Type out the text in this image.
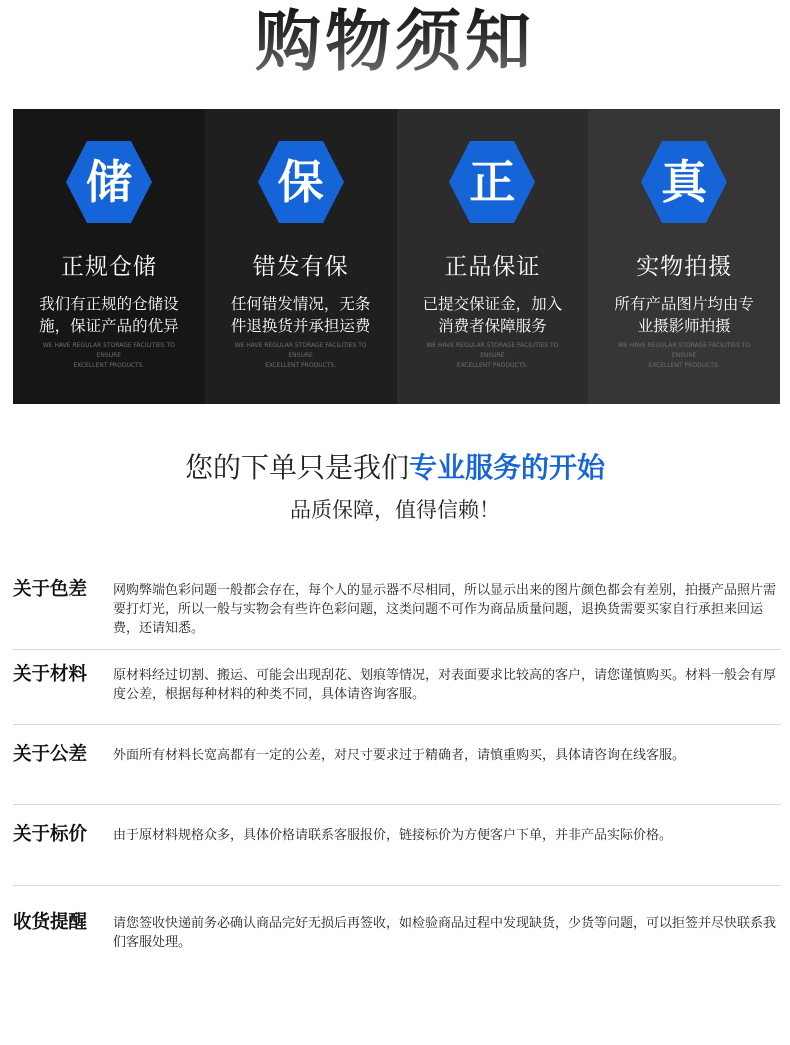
购物须知
储
正规仓储
我们有正规的仓储设
施，保证产品的优异
WE HAVE REGULAR STORAGE FACILITIES TO ENSURE
EXCELLENT PRODUCTS.
保
错发有保
任何错发情况，无条
件退换货并承担运费
WE HAVE REGULAR STORAGE FACILITIES TO ENSURE
EXCELLENT PRODUCTS.
正
正品保证
已提交保证金，加入
消费者保障服务
WE HAVE REGULAR STORAGE FACILITIES TO ENSURE
EXCELLENT PRODUCTS.
真
实物拍摄
所有产品图片均由专
业摄影师拍摄
WE HAVE REGULAR STORAGE FACILITIES TO ENSURE
EXCELLENT PRODUCTS.
您的下单只是我们专业服务的开始
品质保障，值得信赖！
关于色差	网购弊端色彩问题一般都会存在，每个人的显示器不尽相同，所以显示出来的图片颜色都会有差别，拍摄产品照片需要打灯光，所以一般与实物会有些许色彩问题，这类问题不可作为商品质量问题，退换货需要买家自行承担来回运费，还请知悉。
关于材料	原材料经过切割、搬运、可能会出现刮花、划痕等情况，对表面要求比较高的客户，请您谨慎购买。材料一般会有厚度公差，根据每种材料的种类不同，具体请咨询客服。
关于公差	外面所有材料长宽高都有一定的公差，对尺寸要求过于精确者，请慎重购买，具体请咨询在线客服。
关于标价	由于原材料规格众多，具体价格请联系客服报价，链接标价为方便客户下单，并非产品实际价格。
收货提醒	请您签收快递前务必确认商品完好无损后再签收，如检验商品过程中发现缺货，少货等问题，可以拒签并尽快联系我们客服处理。
